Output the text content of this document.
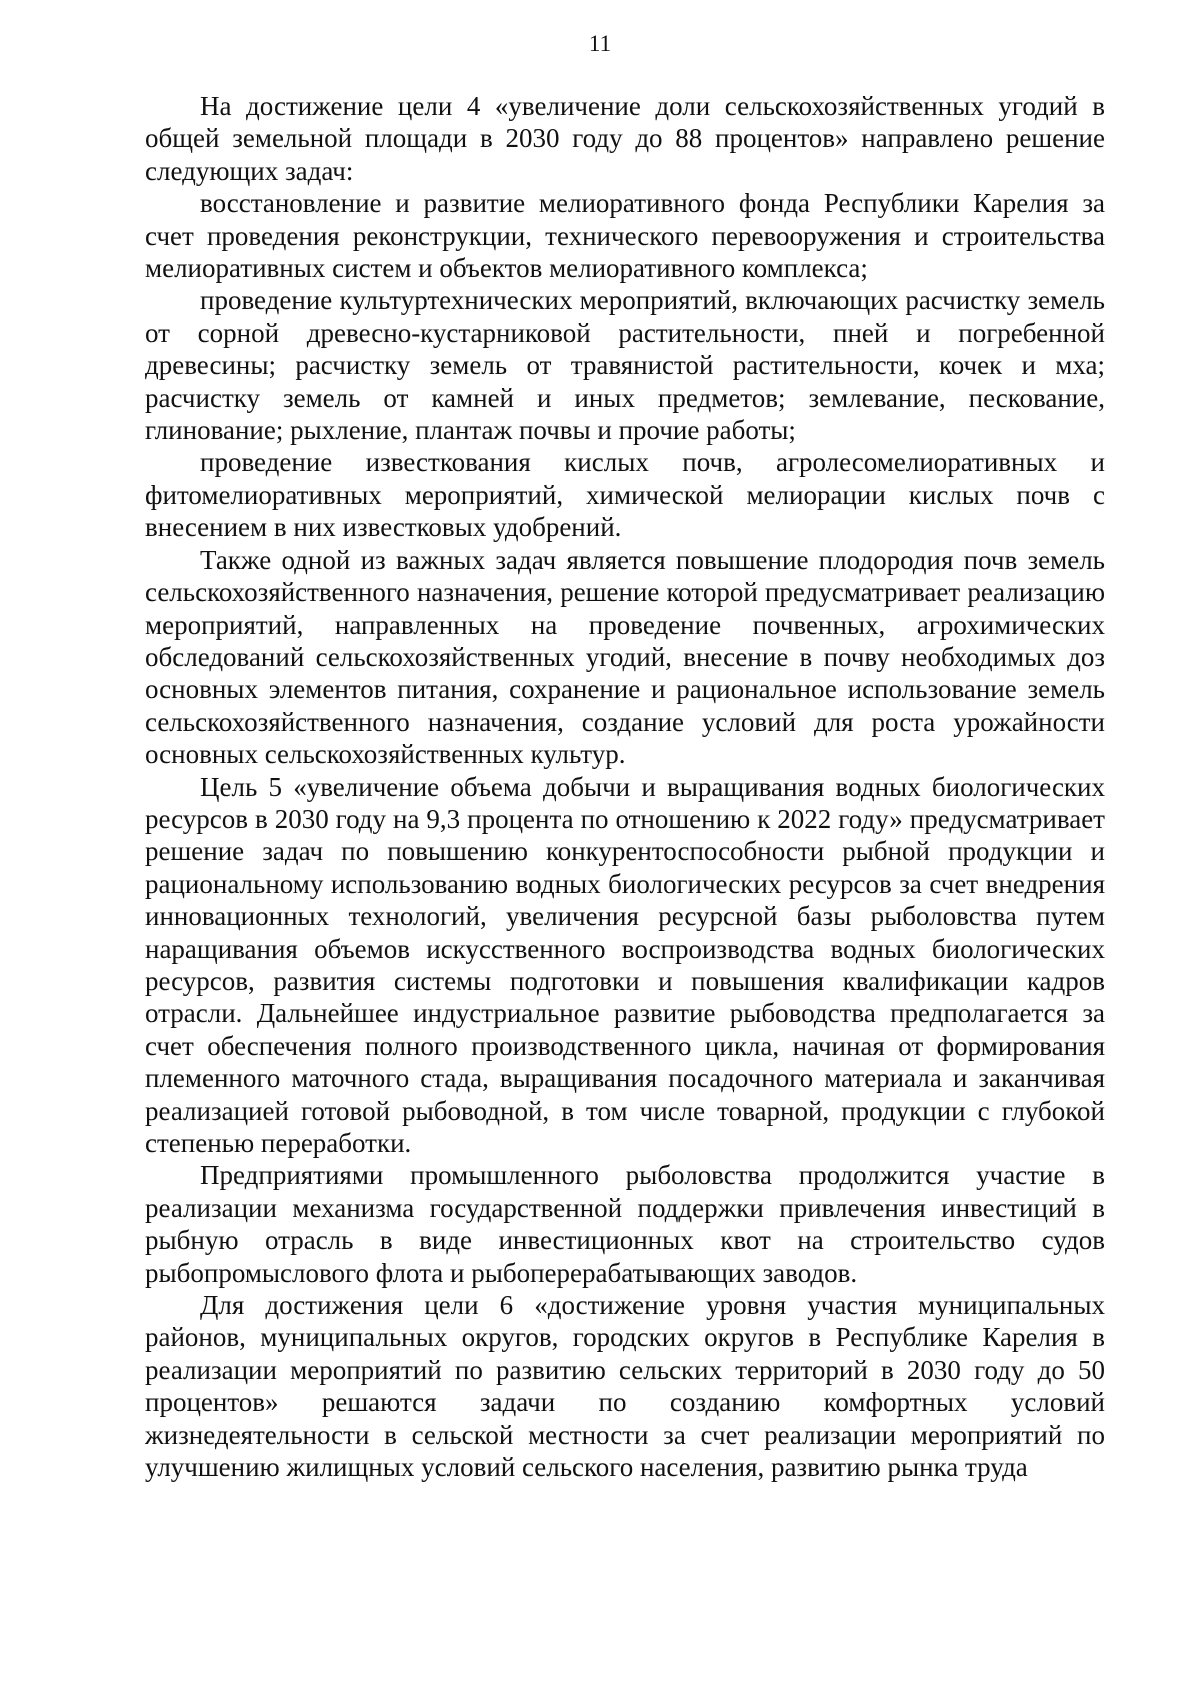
11

На достижение цели 4 «увеличение доли сельскохозяйственных угодий в общей земельной площади в 2030 году до 88 процентов» направлено решение следующих задач:

восстановление и развитие мелиоративного фонда Республики Карелия за счет проведения реконструкции, технического перевооружения и строительства мелиоративных систем и объектов мелиоративного комплекса;

проведение культуртехнических мероприятий, включающих расчистку земель от сорной древесно-кустарниковой растительности, пней и погребенной древесины; расчистку земель от травянистой растительности, кочек и мха; расчистку земель от камней и иных предметов; землевание, пескование, глинование; рыхление, плантаж почвы и прочие работы;

проведение известкования кислых почв, агролесомелиоративных и фитомелиоративных мероприятий, химической мелиорации кислых почв с внесением в них известковых удобрений.

Также одной из важных задач является повышение плодородия почв земель сельскохозяйственного назначения, решение которой предусматривает реализацию мероприятий, направленных на проведение почвенных, агрохимических обследований сельскохозяйственных угодий, внесение в почву необходимых доз основных элементов питания, сохранение и рациональное использование земель сельскохозяйственного назначения, создание условий для роста урожайности основных сельскохозяйственных культур.

Цель 5 «увеличение объема добычи и выращивания водных биологических ресурсов в 2030 году на 9,3 процента по отношению к 2022 году» предусматривает решение задач по повышению конкурентоспособности рыбной продукции и рациональному использованию водных биологических ресурсов за счет внедрения инновационных технологий, увеличения ресурсной базы рыболовства путем наращивания объемов искусственного воспроизводства водных биологических ресурсов, развития системы подготовки и повышения квалификации кадров отрасли. Дальнейшее индустриальное развитие рыбоводства предполагается за счет обеспечения полного производственного цикла, начиная от формирования племенного маточного стада, выращивания посадочного материала и заканчивая реализацией готовой рыбоводной, в том числе товарной, продукции с глубокой степенью переработки.

Предприятиями промышленного рыболовства продолжится участие в реализации механизма государственной поддержки привлечения инвестиций в рыбную отрасль в виде инвестиционных квот на строительство судов рыбопромыслового флота и рыбоперерабатывающих заводов.

Для достижения цели 6 «достижение уровня участия муниципальных районов, муниципальных округов, городских округов в Республике Карелия в реализации мероприятий по развитию сельских территорий в 2030 году до 50 процентов» решаются задачи по созданию комфортных условий жизнедеятельности в сельской местности за счет реализации мероприятий по улучшению жилищных условий сельского населения, развитию рынка труда
